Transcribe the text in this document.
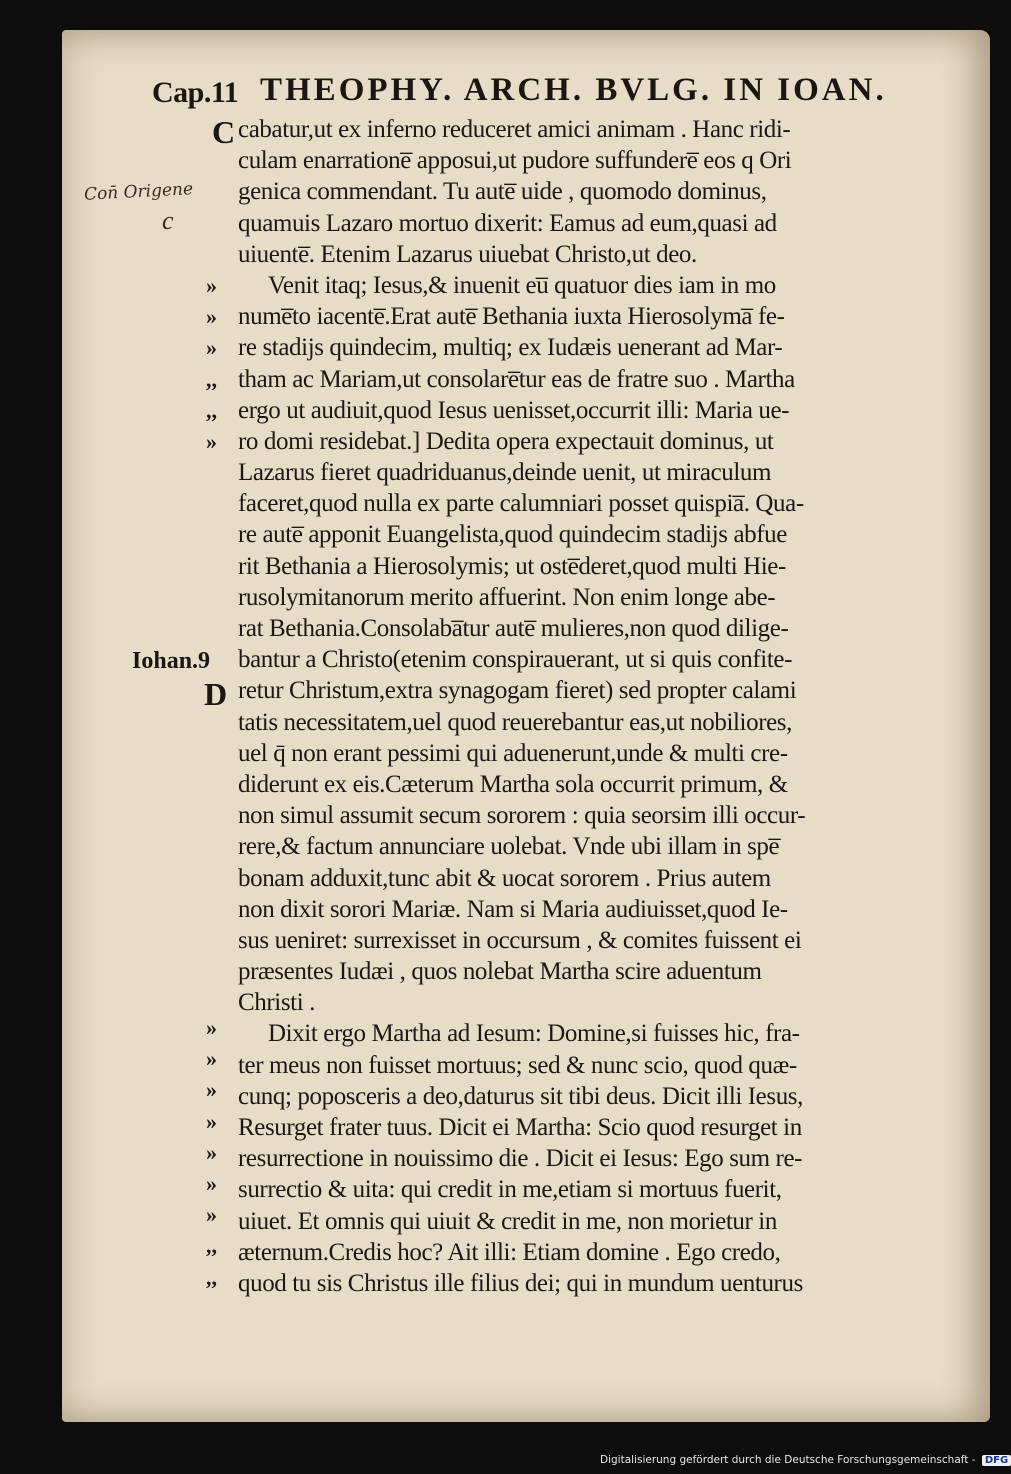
Cap.11 THEOPHY. ARCH. BVLG. IN IOAN.
C
D
Iohan.9
Con̄ Origene
c
»
»
»
,,
,,
»
»
»
»
»
»
»
»
,,
,,
cabatur,ut ex inferno reduceret amici animam . Hanc ridi-
culam enarratione̅ apposui,ut pudore suffundere̅ eos q Ori
genica commendant. Tu aute̅ uide , quomodo dominus,
quamuis Lazaro mortuo dixerit: Eamus ad eum,quasi ad
uiuente̅. Etenim Lazarus uiuebat Christo,ut deo.
Venit itaq; Iesus,& inuenit eu̅ quatuor dies iam in mo
nume̅to iacente̅.Erat aute̅ Bethania iuxta Hierosolyma̅ fe-
re stadijs quindecim, multiq; ex Iudæis uenerant ad Mar-
tham ac Mariam,ut consolare̅tur eas de fratre suo . Martha
ergo ut audiuit,quod Iesus uenisset,occurrit illi: Maria ue-
ro domi residebat.] Dedita opera expectauit dominus, ut
Lazarus fieret quadriduanus,deinde uenit, ut miraculum
faceret,quod nulla ex parte calumniari posset quispia̅. Qua-
re aute̅ apponit Euangelista,quod quindecim stadijs abfue
rit Bethania a Hierosolymis; ut oste̅deret,quod multi Hie-
rusolymitanorum merito affuerint. Non enim longe abe-
rat Bethania.Consolaba̅tur aute̅ mulieres,non quod dilige-
bantur a Christo(etenim conspirauerant, ut si quis confite-
retur Christum,extra synagogam fieret) sed propter calami
tatis necessitatem,uel quod reuerebantur eas,ut nobiliores,
uel q̄ non erant pessimi qui aduenerunt,unde & multi cre-
diderunt ex eis.Cæterum Martha sola occurrit primum, &
non simul assumit secum sororem : quia seorsim illi occur-
rere,& factum annunciare uolebat. Vnde ubi illam in spe̅
bonam adduxit,tunc abit & uocat sororem . Prius autem
non dixit sorori Mariæ. Nam si Maria audiuisset,quod Ie-
sus ueniret: surrexisset in occursum , & comites fuissent ei
præsentes Iudæi , quos nolebat Martha scire aduentum
Christi .
Dixit ergo Martha ad Iesum: Domine,si fuisses hic, fra-
ter meus non fuisset mortuus; sed & nunc scio, quod quæ-
cunq; poposceris a deo,daturus sit tibi deus. Dicit illi Iesus,
Resurget frater tuus. Dicit ei Martha: Scio quod resurget in
resurrectione in nouissimo die . Dicit ei Iesus: Ego sum re-
surrectio & uita: qui credit in me,etiam si mortuus fuerit,
uiuet. Et omnis qui uiuit & credit in me, non morietur in
æternum.Credis hoc? Ait illi: Etiam domine . Ego credo,
quod tu sis Christus ille filius dei; qui in mundum uenturus
Digitalisierung gefördert durch die Deutsche Forschungsgemeinschaft - DFG
